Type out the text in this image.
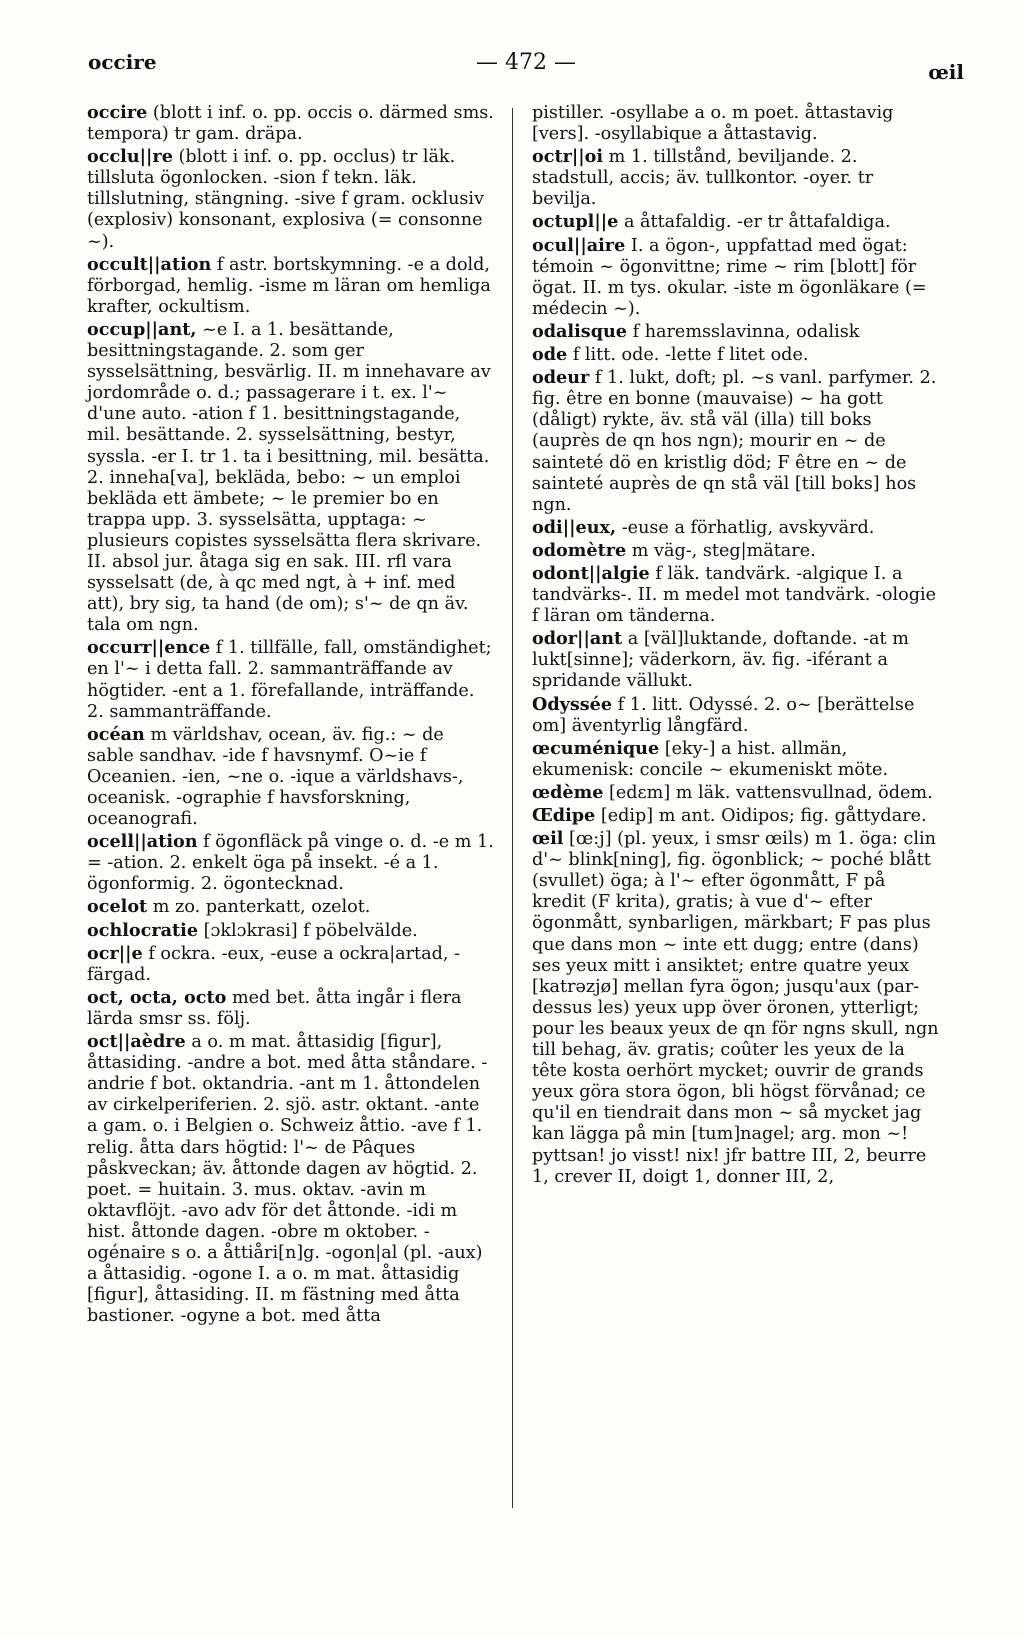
occire	— 472 —	œil
occire (blott i inf. o. pp. occis o. därmed sms. tempora) tr gam. dräpa.
occlu||re (blott i inf. o. pp. occlus) tr läk. tillsluta ögonlocken. -sion f tekn. läk. tillslutning, stängning. -sive f gram. ocklusiv (explosiv) konsonant, explosiva (= consonne ~).
occult||ation f astr. bortskymning. -e a dold, förborgad, hemlig. -isme m läran om hemliga krafter, ockultism.
occup||ant, ~e I. a 1. besättande, besittningstagande. 2. som ger sysselsättning, besvärlig. II. m innehavare av jordområde o. d.; passagerare i t. ex. l'~ d'une auto. -ation f 1. besittningstagande, mil. besättande. 2. sysselsättning, bestyr, syssla. -er I. tr 1. ta i besittning, mil. besätta. 2. inneha[va], bekläda, bebo: ~ un emploi bekläda ett ämbete; ~ le premier bo en trappa upp. 3. sysselsätta, upptaga: ~ plusieurs copistes sysselsätta flera skrivare. II. absol jur. åtaga sig en sak. III. rfl vara sysselsatt (de, à qc med ngt, à + inf. med att), bry sig, ta hand (de om); s'~ de qn äv. tala om ngn.
occurr||ence f 1. tillfälle, fall, omständighet; en l'~ i detta fall. 2. sammanträffande av högtider. -ent a 1. förefallande, inträffande. 2. sammanträffande.
océan m världshav, ocean, äv. fig.: ~ de sable sandhav. -ide f havsnymf. O~ie f Oceanien. -ien, ~ne o. -ique a världshavs-, oceanisk. -ographie f havsforskning, oceanografi.
ocell||ation f ögonfläck på vinge o. d. -e m 1. = -ation. 2. enkelt öga på insekt. -é a 1. ögonformig. 2. ögontecknad.
ocelot m zo. panterkatt, ozelot.
ochlocratie [ɔklɔkrasi] f pöbelvälde.
ocr||e f ockra. -eux, -euse a ockra|artad, -färgad.
oct, octa, octo med bet. åtta ingår i flera lärda smsr ss. följ.
oct||aèdre a o. m mat. åttasidig [figur], åttasiding. -andre a bot. med åtta ståndare. -andrie f bot. oktandria. -ant m 1. åttondelen av cirkelperiferien. 2. sjö. astr. oktant. -ante a gam. o. i Belgien o. Schweiz åttio. -ave f 1. relig. åtta dars högtid: l'~ de Pâques påskveckan; äv. åttonde dagen av högtid. 2. poet. = huitain. 3. mus. oktav. -avin m oktavflöjt. -avo adv för det åttonde. -idi m hist. åttonde dagen. -obre m oktober. -ogénaire s o. a åttiåri[n]g. -ogon|al (pl. -aux) a åttasidig. -ogone I. a o. m mat. åttasidig [figur], åttasiding. II. m fästning med åtta bastioner. -ogyne a bot. med åtta
pistiller. -osyllabe a o. m poet. åttastavig [vers]. -osyllabique a åttastavig.
octr||oi m 1. tillstånd, beviljande. 2. stadstull, accis; äv. tullkontor. -oyer. tr bevilja.
octupl||e a åttafaldig. -er tr åttafaldiga.
ocul||aire I. a ögon-, uppfattad med ögat: témoin ~ ögonvittne; rime ~ rim [blott] för ögat. II. m tys. okular. -iste m ögonläkare (= médecin ~).
odalisque f haremsslavinna, odalisk
ode f litt. ode. -lette f litet ode.
odeur f 1. lukt, doft; pl. ~s vanl. parfymer. 2. fig. être en bonne (mauvaise) ~ ha gott (dåligt) rykte, äv. stå väl (illa) till boks (auprès de qn hos ngn); mourir en ~ de sainteté dö en kristlig död; F être en ~ de sainteté auprès de qn stå väl [till boks] hos ngn.
odi||eux, -euse a förhatlig, avskyvärd.
odomètre m väg-, steg|mätare.
odont||algie f läk. tandvärk. -algique I. a tandvärks-. II. m medel mot tandvärk. -ologie f läran om tänderna.
odor||ant a [väl]luktande, doftande. -at m lukt[sinne]; väderkorn, äv. fig. -iférant a spridande vällukt.
Odyssée f 1. litt. Odyssé. 2. o~ [berättelse om] äventyrlig långfärd.
œcuménique [eky-] a hist. allmän, ekumenisk: concile ~ ekumeniskt möte.
œdème [edɛm] m läk. vattensvullnad, ödem.
Œdipe [edip] m ant. Oidipos; fig. gåttydare.
œil [œ:j] (pl. yeux, i smsr œils) m 1. öga: clin d'~ blink[ning], fig. ögonblick; ~ poché blått (svullet) öga; à l'~ efter ögonmått, F på kredit (F krita), gratis; à vue d'~ efter ögonmått, synbarligen, märkbart; F pas plus que dans mon ~ inte ett dugg; entre (dans) ses yeux mitt i ansiktet; entre quatre yeux [katrəzjø] mellan fyra ögon; jusqu'aux (par-dessus les) yeux upp över öronen, ytterligt; pour les beaux yeux de qn för ngns skull, ngn till behag, äv. gratis; coûter les yeux de la tête kosta oerhört mycket; ouvrir de grands yeux göra stora ögon, bli högst förvånad; ce qu'il en tiendrait dans mon ~ så mycket jag kan lägga på min [tum]nagel; arg. mon ~! pyttsan! jo visst! nix! jfr battre III, 2, beurre 1, crever II, doigt 1, donner III, 2,
